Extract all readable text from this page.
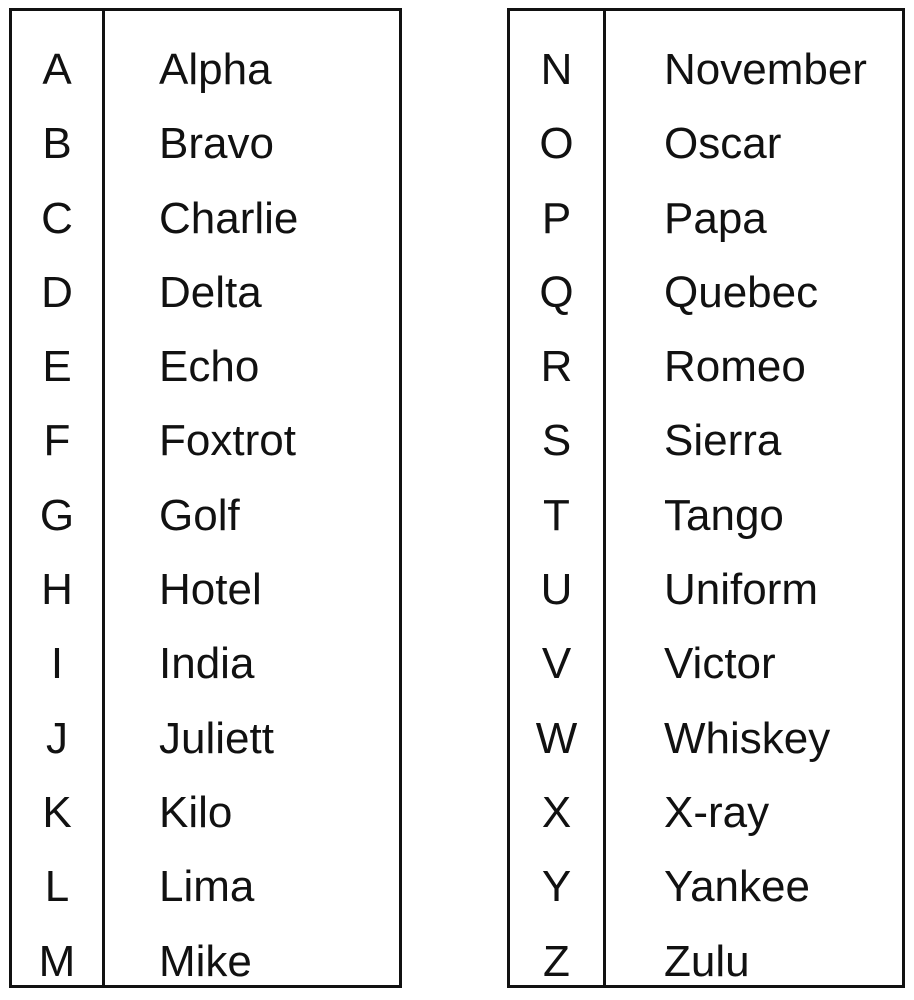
A
B
C
D
E
F
G
H
I
J
K
L
M
Alpha
Bravo
Charlie
Delta
Echo
Foxtrot
Golf
Hotel
India
Juliett
Kilo
Lima
Mike
N
O
P
Q
R
S
T
U
V
W
X
Y
Z
November
Oscar
Papa
Quebec
Romeo
Sierra
Tango
Uniform
Victor
Whiskey
X-ray
Yankee
Zulu
